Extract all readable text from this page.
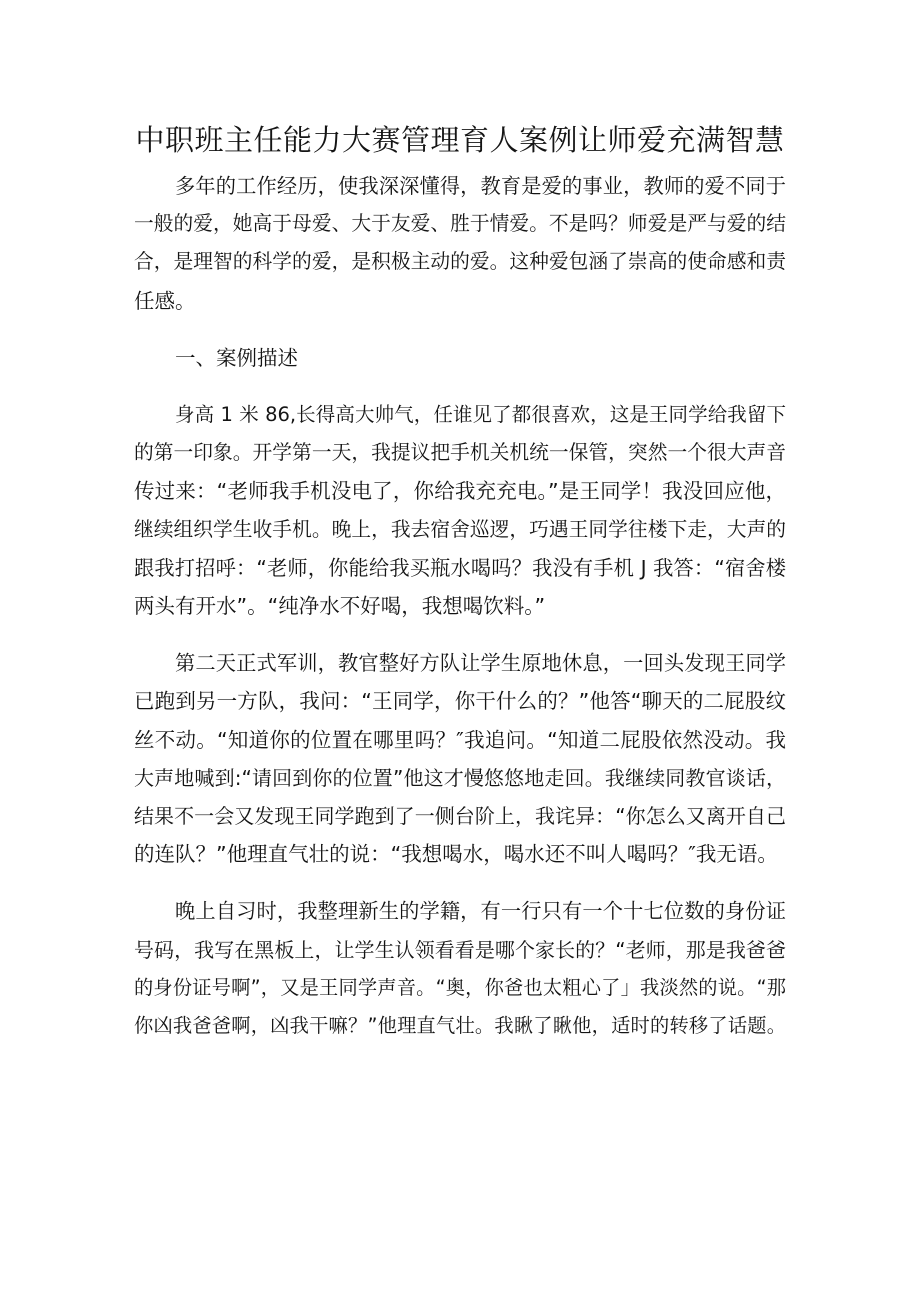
中职班主任能力大赛管理育人案例让师爱充满智慧

多年的工作经历，使我深深懂得，教育是爱的事业，教师的爱不同于
一般的爱，她高于母爱、大于友爱、胜于情爱。不是吗？师爱是严与爱的结
合，是理智的科学的爱，是积极主动的爱。这种爱包涵了崇高的使命感和责
任感。

一、案例描述

身高 1 米 86,长得高大帅气，任谁见了都很喜欢，这是王同学给我留下
的第一印象。开学第一天，我提议把手机关机统一保管，突然一个很大声音
传过来：“老师我手机没电了，你给我充充电。”是王同学！我没回应他，
继续组织学生收手机。晚上，我去宿舍巡逻，巧遇王同学往楼下走，大声的
跟我打招呼：“老师，你能给我买瓶水喝吗？我没有手机 J 我答：“宿舍楼
两头有开水”。“纯净水不好喝，我想喝饮料。”

第二天正式军训，教官整好方队让学生原地休息，一回头发现王同学
已跑到另一方队，我问：“王同学，你干什么的？”他答“聊天的二屁股纹
丝不动。“知道你的位置在哪里吗？″我追问。“知道二屁股依然没动。我
大声地喊到:“请回到你的位置”他这才慢悠悠地走回。我继续同教官谈话，
结果不一会又发现王同学跑到了一侧台阶上，我诧异：“你怎么又离开自己
的连队？”他理直气壮的说：“我想喝水，喝水还不叫人喝吗？″我无语。

晚上自习时，我整理新生的学籍，有一行只有一个十七位数的身份证
号码，我写在黑板上，让学生认领看看是哪个家长的？“老师，那是我爸爸
的身份证号啊”，又是王同学声音。“奥，你爸也太粗心了」我淡然的说。“那
你凶我爸爸啊，凶我干嘛？”他理直气壮。我瞅了瞅他，适时的转移了话题。
